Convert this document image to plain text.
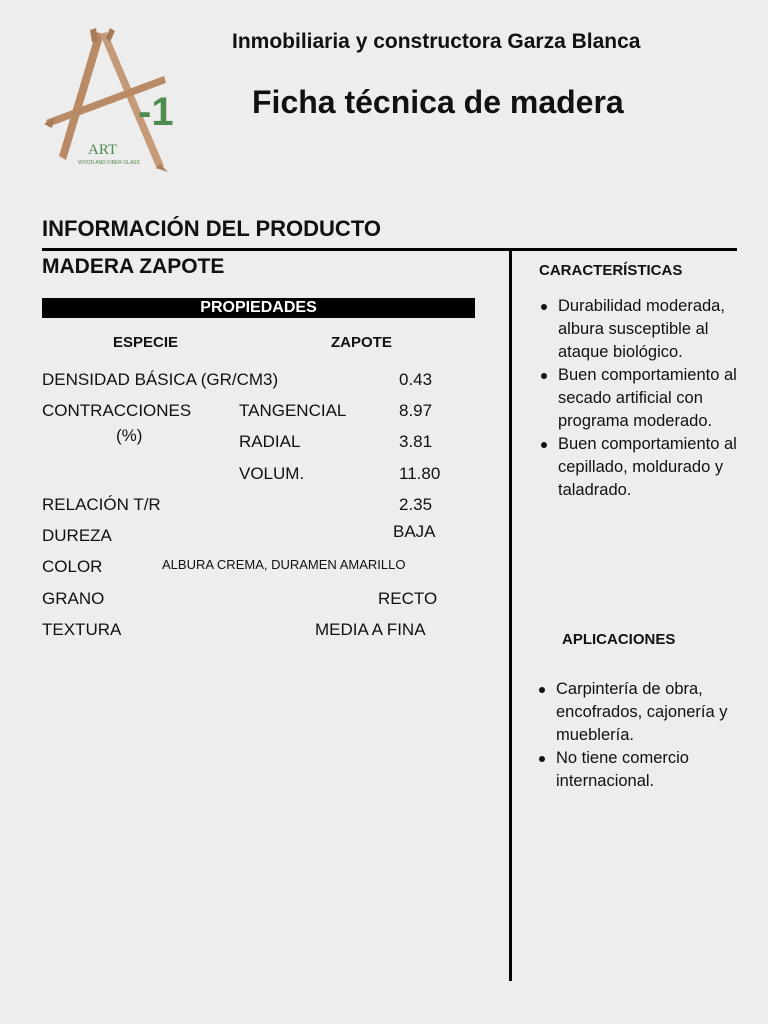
-1
ART
WOOD AND FIBER GLASS
Inmobiliaria y constructora Garza Blanca
Ficha técnica de madera
INFORMACIÓN DEL PRODUCTO
MADERA ZAPOTE
PROPIEDADES
ESPECIE	ZAPOTE
DENSIDAD BÁSICA (GR/CM3)	0.43
CONTRACCIONES
(%)
TANGENCIAL	8.97
RADIAL	3.81
VOLUM.	11.80
RELACIÓN T/R	2.35
DUREZA	BAJA
COLOR	ALBURA CREMA, DURAMEN AMARILLO
GRANO	RECTO
TEXTURA	MEDIA A FINA
CARACTERÍSTICAS
Durabilidad moderada, albura susceptible al ataque biológico.
Buen comportamiento al secado artificial con programa moderado.
Buen comportamiento al cepillado, moldurado y taladrado.
APLICACIONES
Carpintería de obra, encofrados, cajonería y mueblería.
No tiene comercio internacional.
